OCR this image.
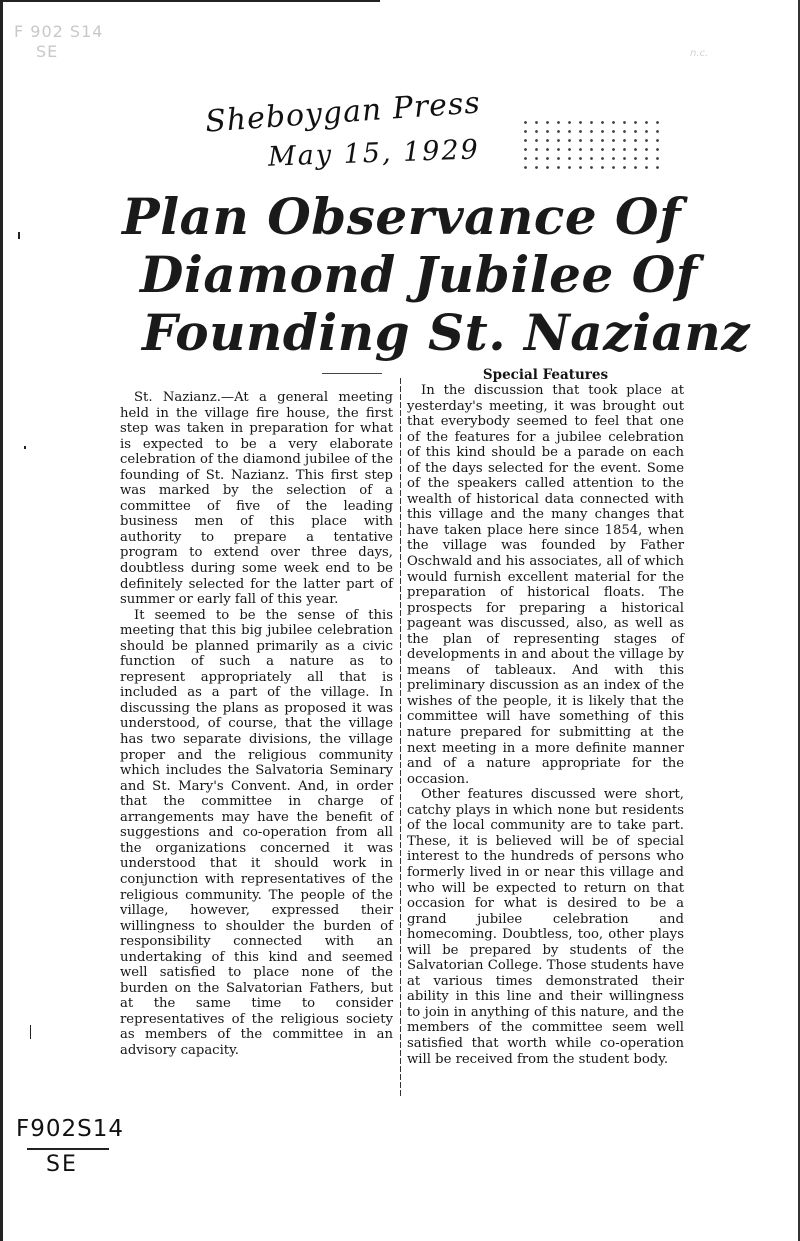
F 902 S14
SE	n.c.
Sheboygan Press
May 15, 1929
Plan Observance Of
Diamond Jubilee Of
Founding St. Nazianz

St. Nazianz.—At a general meeting held in the village fire house, the first step was taken in preparation for what is expected to be a very elaborate celebration of the diamond jubilee of the founding of St. Nazianz. This first step was marked by the selection of a committee of five of the leading business men of this place with authority to prepare a tentative program to extend over three days, doubtless during some week end to be definitely selected for the latter part of summer or early fall of this year.

It seemed to be the sense of this meeting that this big jubilee celebration should be planned primarily as a civic function of such a nature as to represent appropriately all that is included as a part of the village. In discussing the plans as proposed it was understood, of course, that the village has two separate divisions, the village proper and the religious community which includes the Salvatoria Seminary and St. Mary's Convent. And, in order that the committee in charge of arrangements may have the benefit of suggestions and co-operation from all the organizations concerned it was understood that it should work in conjunction with representatives of the religious community. The people of the village, however, expressed their willingness to shoulder the burden of responsibility connected with an undertaking of this kind and seemed well satisfied to place none of the burden on the Salvatorian Fathers, but at the same time to consider representatives of the religious society as members of the committee in an advisory capacity.

Special Features

In the discussion that took place at yesterday's meeting, it was brought out that everybody seemed to feel that one of the features for a jubilee celebration of this kind should be a parade on each of the days selected for the event. Some of the speakers called attention to the wealth of historical data connected with this village and the many changes that have taken place here since 1854, when the village was founded by Father Oschwald and his associates, all of which would furnish excellent material for the preparation of historical floats. The prospects for preparing a historical pageant was discussed, also, as well as the plan of representing stages of developments in and about the village by means of tableaux. And with this preliminary discussion as an index of the wishes of the people, it is likely that the committee will have something of this nature prepared for submitting at the next meeting in a more definite manner and of a nature appropriate for the occasion.

Other features discussed were short, catchy plays in which none but residents of the local community are to take part. These, it is believed will be of special interest to the hundreds of persons who formerly lived in or near this village and who will be expected to return on that occasion for what is desired to be a grand jubilee celebration and homecoming. Doubtless, too, other plays will be prepared by students of the Salvatorian College. Those students have at various times demonstrated their ability in this line and their willingness to join in anything of this nature, and the members of the committee seem well satisfied that worth while co-operation will be received from the student body.

F902S14
SE
